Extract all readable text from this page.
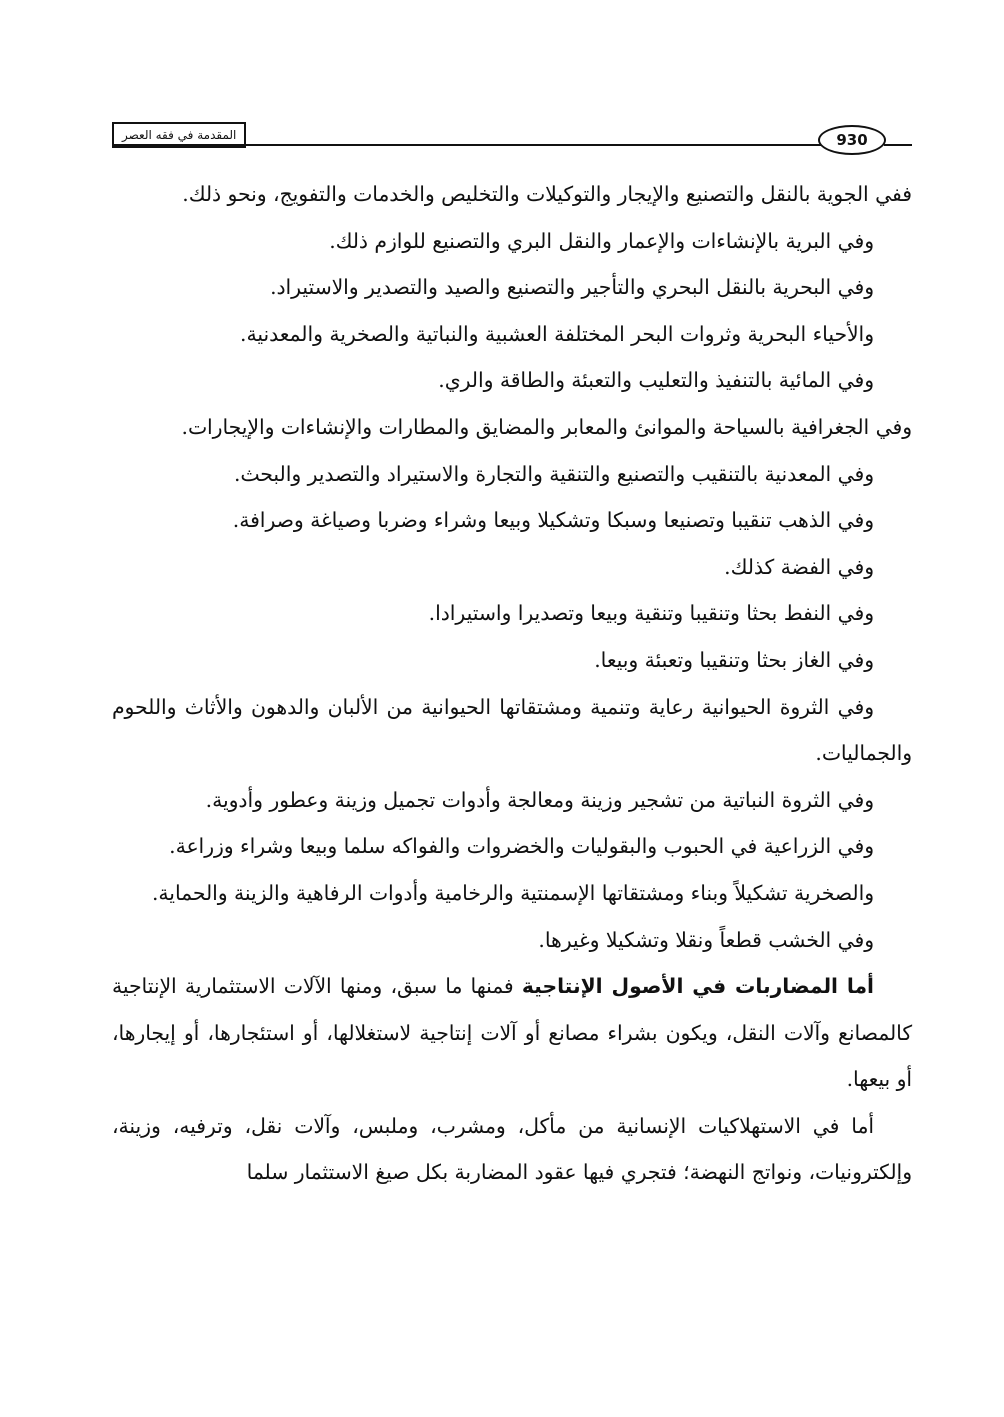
المقدمة في فقه العصر	930

ففي الجوية بالنقل والتصنيع والإيجار والتوكيلات والتخليص والخدمات والتفويج، ونحو ذلك.

وفي البرية بالإنشاءات والإعمار والنقل البري والتصنيع للوازم ذلك.

وفي البحرية بالنقل البحري والتأجير والتصنيع والصيد والتصدير والاستيراد.

والأحياء البحرية وثروات البحر المختلفة العشبية والنباتية والصخرية والمعدنية.

وفي المائية بالتنفيذ والتعليب والتعبئة والطاقة والري.

وفي الجغرافية بالسياحة والموانئ والمعابر والمضايق والمطارات والإنشاءات والإيجارات.

وفي المعدنية بالتنقيب والتصنيع والتنقية والتجارة والاستيراد والتصدير والبحث.

وفي الذهب تنقيبا وتصنيعا وسبكا وتشكيلا وبيعا وشراء وضربا وصياغة وصرافة.

وفي الفضة كذلك.

وفي النفط بحثا وتنقيبا وتنقية وبيعا وتصديرا واستيرادا.

وفي الغاز بحثا وتنقيبا وتعبئة وبيعا.

وفي الثروة الحيوانية رعاية وتنمية ومشتقاتها الحيوانية من الألبان والدهون والأثاث واللحوم والجماليات.

وفي الثروة النباتية من تشجير وزينة ومعالجة وأدوات تجميل وزينة وعطور وأدوية.

وفي الزراعية في الحبوب والبقوليات والخضروات والفواكه سلما وبيعا وشراء وزراعة.

والصخرية تشكيلاً وبناء ومشتقاتها الإسمنتية والرخامية وأدوات الرفاهية والزينة والحماية.

وفي الخشب قطعاً ونقلا وتشكيلا وغيرها.

أما المضاربات في الأصول الإنتاجية فمنها ما سبق، ومنها الآلات الاستثمارية الإنتاجية كالمصانع وآلات النقل، ويكون بشراء مصانع أو آلات إنتاجية لاستغلالها، أو استئجارها، أو إيجارها، أو بيعها.

أما في الاستهلاكيات الإنسانية من مأكل، ومشرب، وملبس، وآلات نقل، وترفيه، وزينة، وإلكترونيات، ونواتج النهضة؛ فتجري فيها عقود المضاربة بكل صيغ الاستثمار سلما
